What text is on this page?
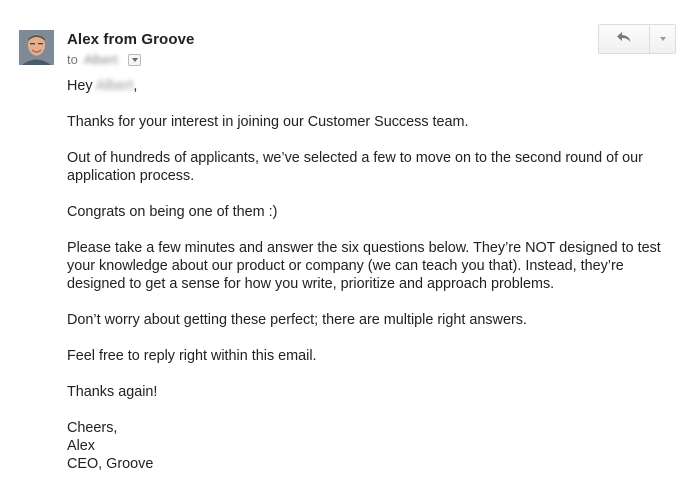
Alex from Groove
to Albert

Hey Albert,

Thanks for your interest in joining our Customer Success team.

Out of hundreds of applicants, we’ve selected a few to move on to the second round of our application process.

Congrats on being one of them :)

Please take a few minutes and answer the six questions below. They’re NOT designed to test your knowledge about our product or company (we can teach you that). Instead, they’re designed to get a sense for how you write, prioritize and approach problems.

Don’t worry about getting these perfect; there are multiple right answers.

Feel free to reply right within this email.

Thanks again!

Cheers,

Alex

CEO, Groove
